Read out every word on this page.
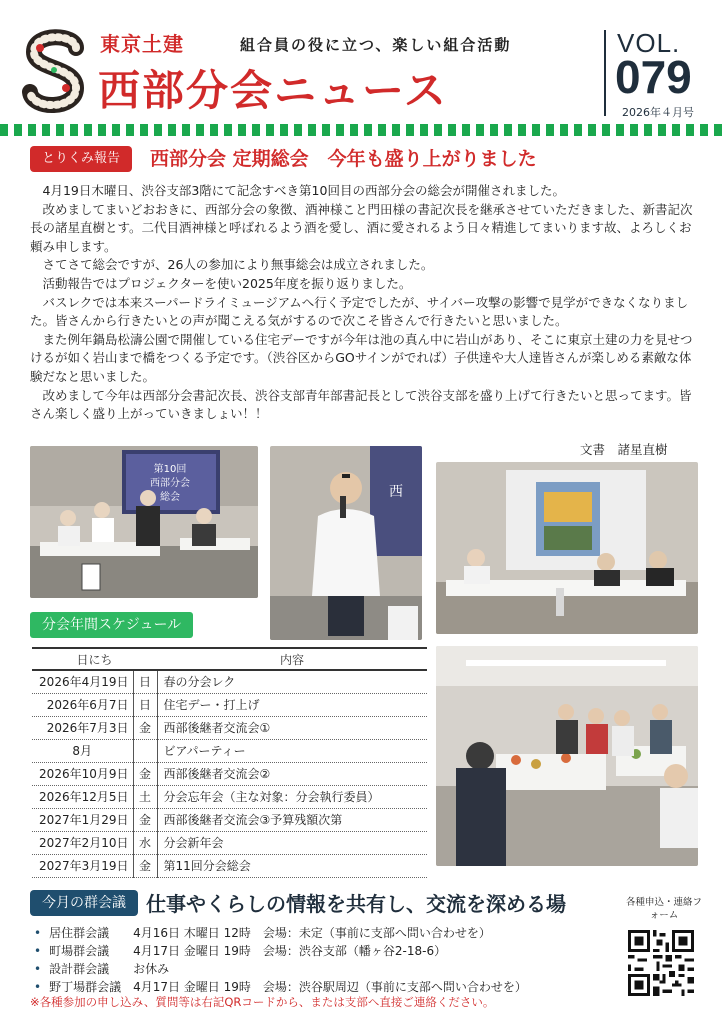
東京土建	組合員の役に立つ、楽しい組合活動
西部分会ニュース
VOL.
079
2026年４月号
とりくみ報告	西部分会 定期総会　今年も盛り上がりました

4月19日木曜日、渋谷支部3階にて記念すべき第10回目の西部分会の総会が開催されました。

改めましてまいどおおきに、西部分会の象徴、酒神様こと門田様の書記次長を継承させていただきました、新書記次長の諸星直樹とす。二代目酒神様と呼ばれるよう酒を愛し、酒に愛されるよう日々精進してまいります故、よろしくお頼み申します。

さてさて総会ですが、26人の参加により無事総会は成立されました。

活動報告ではプロジェクターを使い2025年度を振り返りました。

バスレクでは本来スーパードライミュージアムへ行く予定でしたが、サイバー攻撃の影響で見学ができなくなりました。皆さんから行きたいとの声が聞こえる気がするので次こそ皆さんで行きたいと思いました。

また例年鍋島松濤公園で開催している住宅デーですが今年は池の真ん中に岩山があり、そこに東京土建の力を見せつけるが如く岩山まで橋をつくる予定です。（渋谷区からGOサインがでれば）子供達や大人達皆さんが楽しめる素敵な体験だなと思いました。

改めまして今年は西部分会書記次長、渋谷支部青年部書記長として渋谷支部を盛り上げて行きたいと思ってます。皆さん楽しく盛り上がっていきましょい！！

文書　諸星直樹
第10回
西部分会
総会	西
分会年間スケジュール
日にち		内容
2026年4月19日	日	春の分会レク
2026年6月7日	日	住宅デー・打上げ
2026年7月3日	金	西部後継者交流会①
8月		ビアパーティー
2026年10月9日	金	西部後継者交流会②
2026年12月5日	土	分会忘年会（主な対象：分会執行委員）
2027年1月29日	金	西部後継者交流会③予算残額次第
2027年2月10日	水	分会新年会
2027年3月19日	金	第11回分会総会
今月の群会議	仕事やくらしの情報を共有し、交流を深める場
• 居住群会議　　4月16日 木曜日 12時　会場：未定（事前に支部へ問い合わせを）
• 町場群会議　　4月17日 金曜日 19時　会場：渋谷支部（幡ヶ谷2-18-6）
• 設計群会議　　お休み
• 野丁場群会議　4月17日 金曜日 19時　会場：渋谷駅周辺（事前に支部へ問い合わせを）
※各種参加の申し込み、質問等は右記QRコードから、または支部へ直接ご連絡ください。
各種申込・連絡フォーム
